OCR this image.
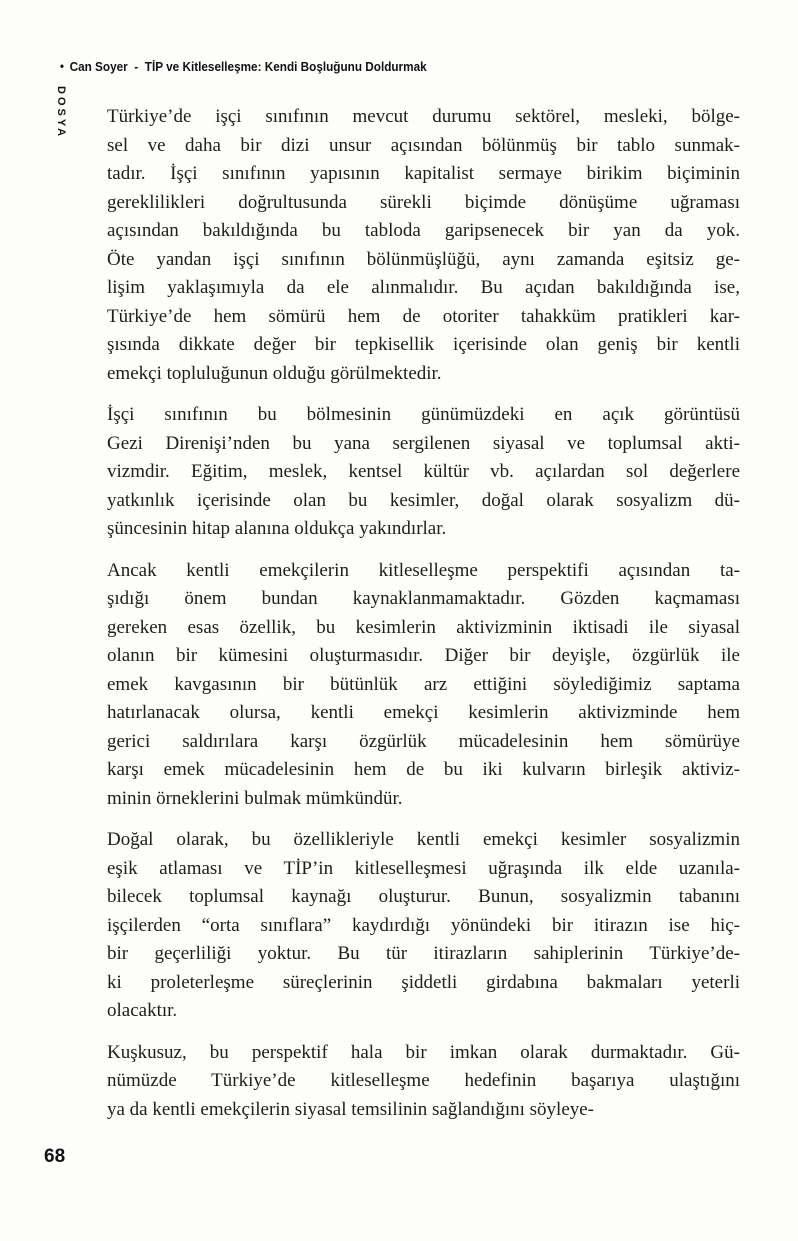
• Can Soyer - TİP ve Kitleselleşme: Kendi Boşluğunu Doldurmak
DOSYA Türkiye’de işçi sınıfının mevcut durumu sektörel, mesleki, bölge-
sel ve daha bir dizi unsur açısından bölünmüş bir tablo sunmak-
tadır. İşçi sınıfının yapısının kapitalist sermaye birikim biçiminin
gereklilikleri doğrultusunda sürekli biçimde dönüşüme uğraması
açısından bakıldığında bu tabloda garipsenecek bir yan da yok.
Öte yandan işçi sınıfının bölünmüşlüğü, aynı zamanda eşitsiz ge-
lişim yaklaşımıyla da ele alınmalıdır. Bu açıdan bakıldığında ise,
Türkiye’de hem sömürü hem de otoriter tahakküm pratikleri kar-
şısında dikkate değer bir tepkisellik içerisinde olan geniş bir kentli
emekçi topluluğunun olduğu görülmektedir.
İşçi sınıfının bu bölmesinin günümüzdeki en açık görüntüsü
Gezi Direnişi’nden bu yana sergilenen siyasal ve toplumsal akti-
vizmdir. Eğitim, meslek, kentsel kültür vb. açılardan sol değerlere
yatkınlık içerisinde olan bu kesimler, doğal olarak sosyalizm dü-
şüncesinin hitap alanına oldukça yakındırlar.
Ancak kentli emekçilerin kitleselleşme perspektifi açısından ta-
şıdığı önem bundan kaynaklanmamaktadır. Gözden kaçmaması
gereken esas özellik, bu kesimlerin aktivizminin iktisadi ile siyasal
olanın bir kümesini oluşturmasıdır. Diğer bir deyişle, özgürlük ile
emek kavgasının bir bütünlük arz ettiğini söylediğimiz saptama
hatırlanacak olursa, kentli emekçi kesimlerin aktivizminde hem
gerici saldırılara karşı özgürlük mücadelesinin hem sömürüye
karşı emek mücadelesinin hem de bu iki kulvarın birleşik aktiviz-
minin örneklerini bulmak mümkündür.
Doğal olarak, bu özellikleriyle kentli emekçi kesimler sosyalizmin
eşik atlaması ve TİP’in kitleselleşmesi uğraşında ilk elde uzanıla-
bilecek toplumsal kaynağı oluşturur. Bunun, sosyalizmin tabanını
işçilerden “orta sınıflara” kaydırdığı yönündeki bir itirazın ise hiç-
bir geçerliliği yoktur. Bu tür itirazların sahiplerinin Türkiye’de-
ki proleterleşme süreçlerinin şiddetli girdabına bakmaları yeterli
olacaktır.
Kuşkusuz, bu perspektif hala bir imkan olarak durmaktadır. Gü-
nümüzde Türkiye’de kitleselleşme hedefinin başarıya ulaştığını
ya da kentli emekçilerin siyasal temsilinin sağlandığını söyleye-
68
